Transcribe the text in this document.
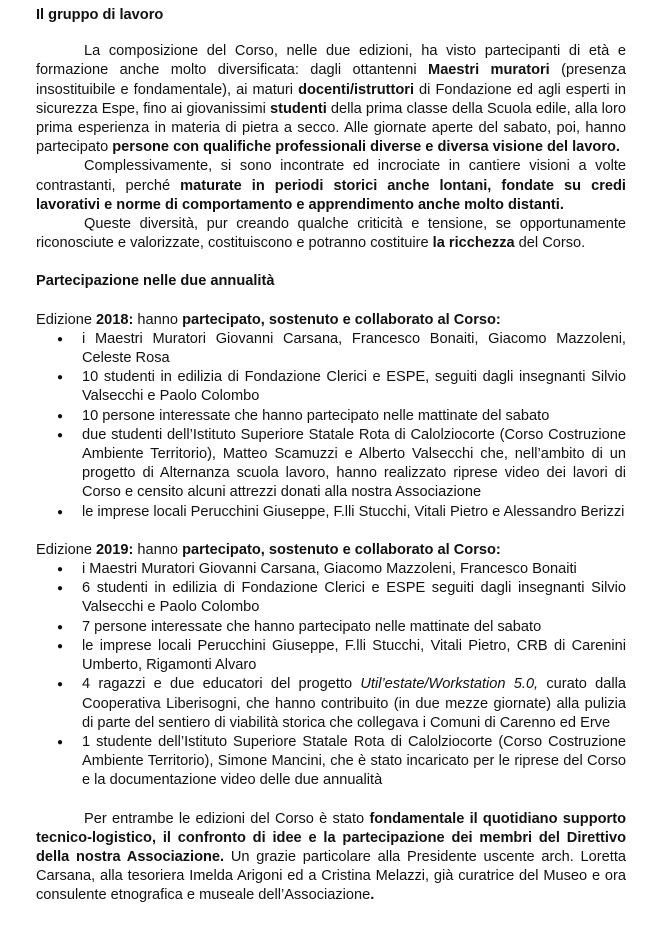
Il gruppo di lavoro

La composizione del Corso, nelle due edizioni, ha visto partecipanti di età e formazione anche molto diversificata: dagli ottantenni Maestri muratori (presenza insostituibile e fondamentale), ai maturi docenti/istruttori di Fondazione ed agli esperti in sicurezza Espe, fino ai giovanissimi studenti della prima classe della Scuola edile, alla loro prima esperienza in materia di pietra a secco. Alle giornate aperte del sabato, poi, hanno partecipato persone con qualifiche professionali diverse e diversa visione del lavoro.

Complessivamente, si sono incontrate ed incrociate in cantiere visioni a volte contrastanti, perché maturate in periodi storici anche lontani, fondate su credi lavorativi e norme di comportamento e apprendimento anche molto distanti.

Queste diversità, pur creando qualche criticità e tensione, se opportunamente riconosciute e valorizzate, costituiscono e potranno costituire la ricchezza del Corso.

Partecipazione nelle due annualità

Edizione 2018: hanno partecipato, sostenuto e collaborato al Corso:

● i Maestri Muratori Giovanni Carsana, Francesco Bonaiti, Giacomo Mazzoleni, Celeste Rosa
● 10 studenti in edilizia di Fondazione Clerici e ESPE, seguiti dagli insegnanti Silvio Valsecchi e Paolo Colombo
● 10 persone interessate che hanno partecipato nelle mattinate del sabato
● due studenti dell’Istituto Superiore Statale Rota di Calolziocorte (Corso Costruzione Ambiente Territorio), Matteo Scamuzzi e Alberto Valsecchi che, nell’ambito di un progetto di Alternanza scuola lavoro, hanno realizzato riprese video dei lavori di Corso e censito alcuni attrezzi donati alla nostra Associazione
● le imprese locali Perucchini Giuseppe, F.lli Stucchi, Vitali Pietro e Alessandro Berizzi

Edizione 2019: hanno partecipato, sostenuto e collaborato al Corso:

● i Maestri Muratori Giovanni Carsana, Giacomo Mazzoleni, Francesco Bonaiti
● 6 studenti in edilizia di Fondazione Clerici e ESPE seguiti dagli insegnanti Silvio Valsecchi e Paolo Colombo
● 7 persone interessate che hanno partecipato nelle mattinate del sabato
● le imprese locali Perucchini Giuseppe, F.lli Stucchi, Vitali Pietro, CRB di Carenini Umberto, Rigamonti Alvaro
● 4 ragazzi e due educatori del progetto Util’estate/Workstation 5.0, curato dalla Cooperativa Liberisogni, che hanno contribuito (in due mezze giornate) alla pulizia di parte del sentiero di viabilità storica che collegava i Comuni di Carenno ed Erve
● 1 studente dell’Istituto Superiore Statale Rota di Calolziocorte (Corso Costruzione Ambiente Territorio), Simone Mancini, che è stato incaricato per le riprese del Corso e la documentazione video delle due annualità

Per entrambe le edizioni del Corso è stato fondamentale il quotidiano supporto tecnico-logistico, il confronto di idee e la partecipazione dei membri del Direttivo della nostra Associazione. Un grazie particolare alla Presidente uscente arch. Loretta Carsana, alla tesoriera Imelda Arigoni ed a Cristina Melazzi, già curatrice del Museo e ora consulente etnografica e museale dell’Associazione.
